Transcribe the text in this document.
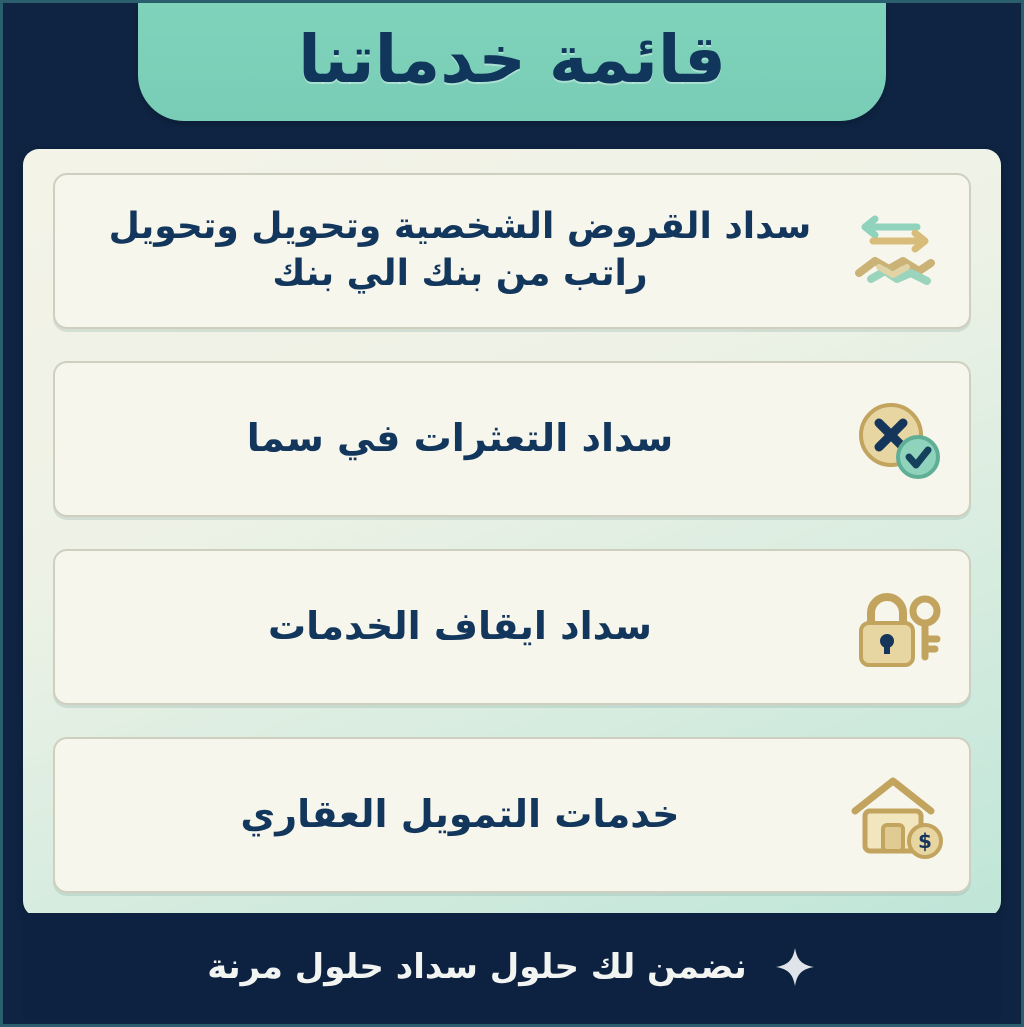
قائمة خدماتنا
سداد القروض الشخصية وتحويل وتحويل راتب من بنك الي بنك
سداد التعثرات في سما
سداد ايقاف الخدمات
$
خدمات التمويل العقاري
نضمن لك حلول سداد حلول مرنة
